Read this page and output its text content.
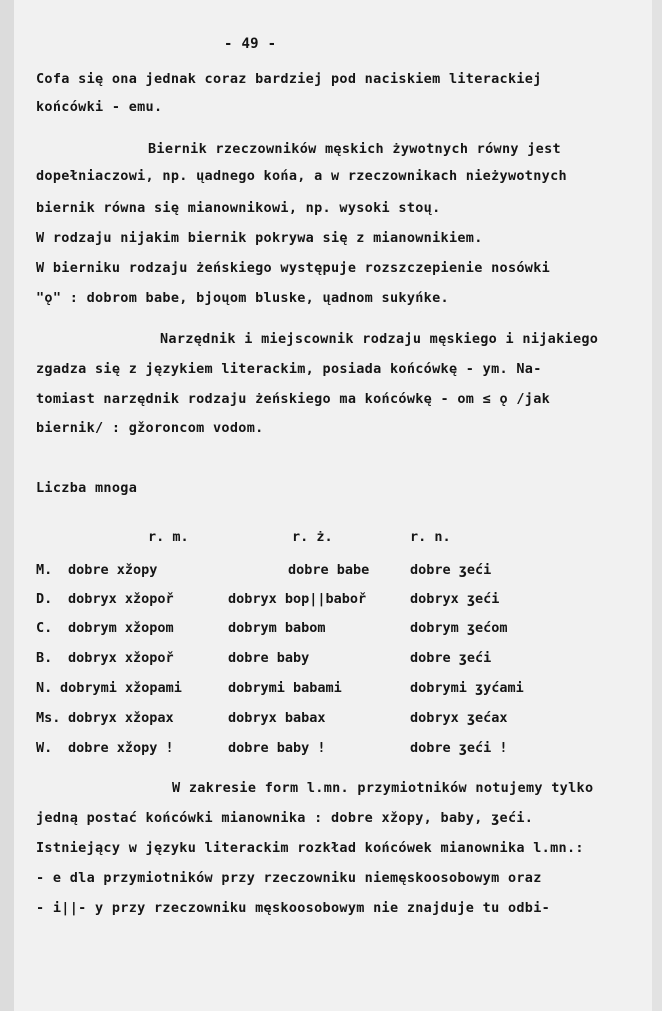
- 49 -
Cofa się ona jednak coraz bardziej pod naciskiem literackiej
końcówki - emu.
Biernik rzeczowników męskich żywotnych równy jest
dopełniaczowi, np. ųadnego końa, a w rzeczownikach nieżywotnych
biernik równa się mianownikowi, np. wysoki stoų.
W rodzaju nijakim biernik pokrywa się z mianownikiem.
W bierniku rodzaju żeńskiego występuje rozszczepienie nosówki
"ǫ" : dobrom babe, bjoųom bluske, ųadnom sukyńke.
Narzędnik i miejscownik rodzaju męskiego i nijakiego
zgadza się z językiem literackim, posiada końcówkę - ym. Na-
tomiast narzędnik rodzaju żeńskiego ma końcówkę - om ≤ ǫ /jak
biernik/ : gžoroncom vodom.
Liczba mnoga
r. m.	r. ż.	r. n.
M. dobre xžopy	dobre babe	dobre ʒeći
D. dobryx xžopoř	dobryx bop||baboř	dobryx ʒeći
C. dobrym xžopom	dobrym babom	dobrym ʒećom
B. dobryx xžopoř	dobre baby	dobre ʒeći
N. dobrymi xžopami	dobrymi babami	dobrymi ʒyćami
Ms. dobryx xžopax	dobryx babax	dobryx ʒećax
W. dobre xžopy !	dobre baby !	dobre ʒeći !
W zakresie form l.mn. przymiotników notujemy tylko
jedną postać końcówki mianownika : dobre xžopy, baby, ʒeći.
Istniejący w języku literackim rozkład końcówek mianownika l.mn.:
- e dla przymiotników przy rzeczowniku niemęskoosobowym oraz
- i||- y przy rzeczowniku męskoosobowym nie znajduje tu odbi-
